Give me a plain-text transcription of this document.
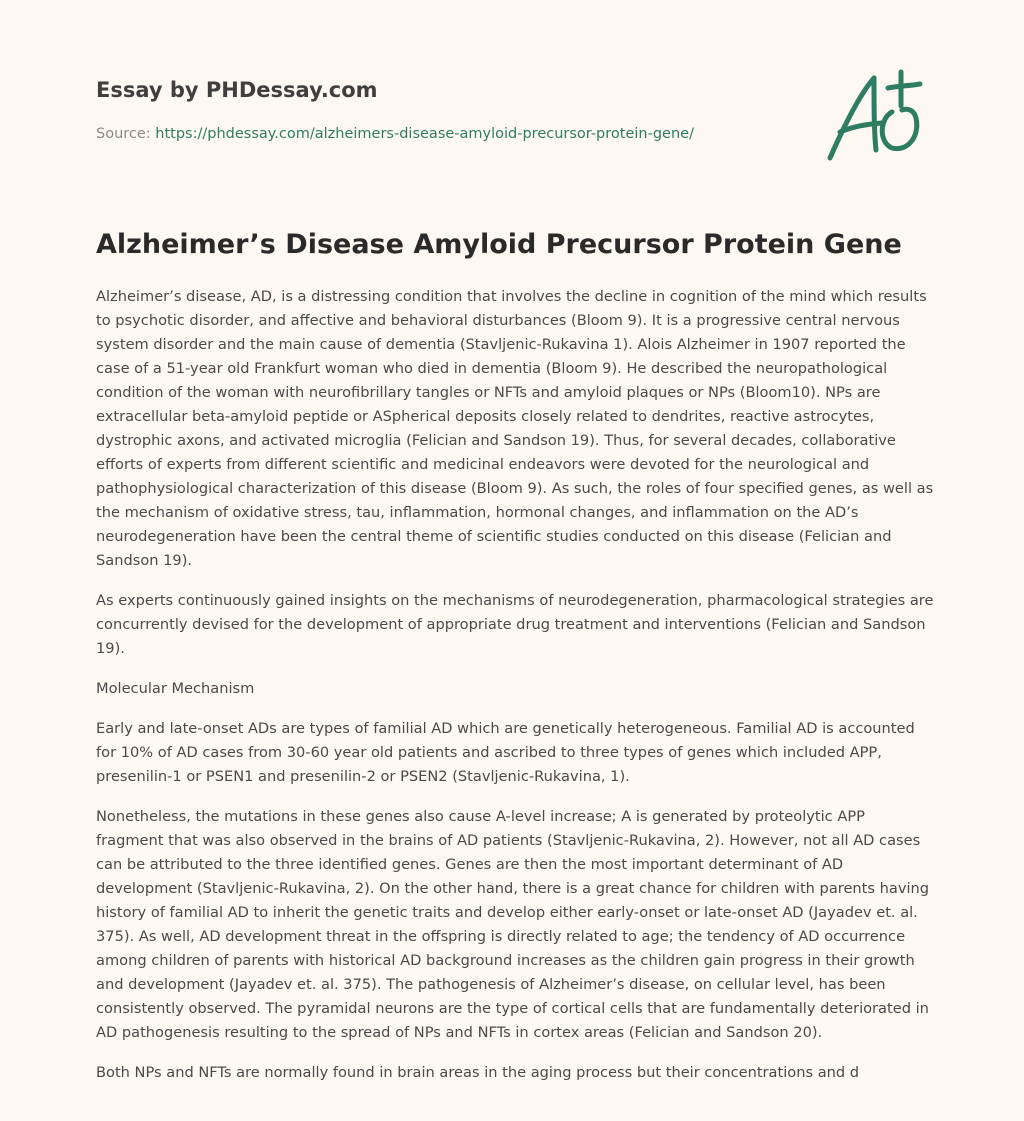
Essay by PHDessay.com
Source: https://phdessay.com/alzheimers-disease-amyloid-precursor-protein-gene/
Alzheimer’s Disease Amyloid Precursor Protein Gene

Alzheimer’s disease, AD, is a distressing condition that involves the decline in cognition of the mind which results to psychotic disorder, and affective and behavioral disturbances (Bloom 9). It is a progressive central nervous system disorder and the main cause of dementia (Stavljenic-Rukavina 1). Alois Alzheimer in 1907 reported the case of a 51-year old Frankfurt woman who died in dementia (Bloom 9). He described the neuropathological condition of the woman with neurofibrillary tangles or NFTs and amyloid plaques or NPs (Bloom10). NPs are extracellular beta-amyloid peptide or ASpherical deposits closely related to dendrites, reactive astrocytes, dystrophic axons, and activated microglia (Felician and Sandson 19). Thus, for several decades, collaborative efforts of experts from different scientific and medicinal endeavors were devoted for the neurological and pathophysiological characterization of this disease (Bloom 9). As such, the roles of four specified genes, as well as the mechanism of oxidative stress, tau, inflammation, hormonal changes, and inflammation on the AD’s neurodegeneration have been the central theme of scientific studies conducted on this disease (Felician and Sandson 19).

As experts continuously gained insights on the mechanisms of neurodegeneration, pharmacological strategies are concurrently devised for the development of appropriate drug treatment and interventions (Felician and Sandson 19).

Molecular Mechanism

Early and late-onset ADs are types of familial AD which are genetically heterogeneous. Familial AD is accounted for 10% of AD cases from 30-60 year old patients and ascribed to three types of genes which included APP, presenilin-1 or PSEN1 and presenilin-2 or PSEN2 (Stavljenic-Rukavina, 1).

Nonetheless, the mutations in these genes also cause A-level increase; A is generated by proteolytic APP fragment that was also observed in the brains of AD patients (Stavljenic-Rukavina, 2). However, not all AD cases can be attributed to the three identified genes. Genes are then the most important determinant of AD development (Stavljenic-Rukavina, 2). On the other hand, there is a great chance for children with parents having history of familial AD to inherit the genetic traits and develop either early-onset or late-onset AD (Jayadev et. al. 375). As well, AD development threat in the offspring is directly related to age; the tendency of AD occurrence among children of parents with historical AD background increases as the children gain progress in their growth and development (Jayadev et. al. 375). The pathogenesis of Alzheimer’s disease, on cellular level, has been consistently observed. The pyramidal neurons are the type of cortical cells that are fundamentally deteriorated in AD pathogenesis resulting to the spread of NPs and NFTs in cortex areas (Felician and Sandson 20).

Both NPs and NFTs are normally found in brain areas in the aging process but their concentrations and d
